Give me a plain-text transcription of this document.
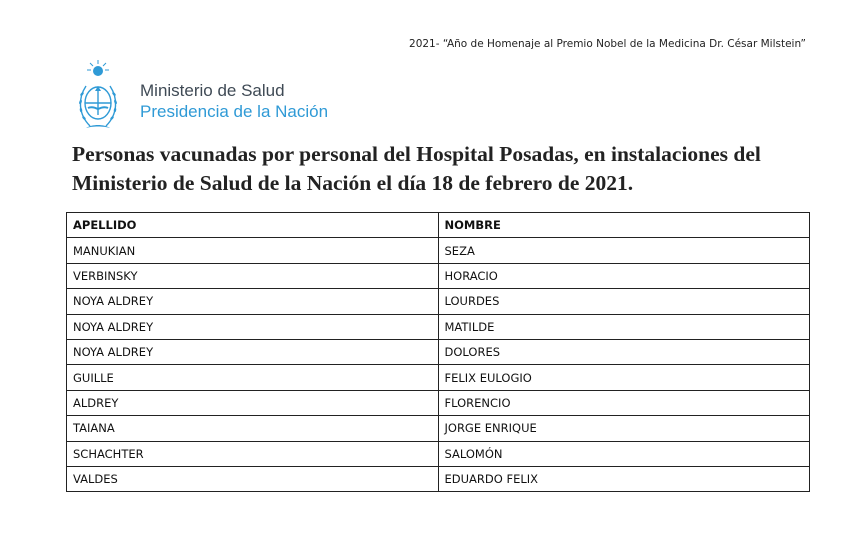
2021- “Año de Homenaje al Premio Nobel de la Medicina Dr. César Milstein”
Ministerio de Salud
Presidencia de la Nación
Personas vacunadas por personal del Hospital Posadas, en instalaciones del Ministerio de Salud de la Nación el día 18 de febrero de 2021.
APELLIDO	NOMBRE
MANUKIAN	SEZA
VERBINSKY	HORACIO
NOYA ALDREY	LOURDES
NOYA ALDREY	MATILDE
NOYA ALDREY	DOLORES
GUILLE	FELIX EULOGIO
ALDREY	FLORENCIO
TAIANA	JORGE ENRIQUE
SCHACHTER	SALOMÓN
VALDES	EDUARDO FELIX
